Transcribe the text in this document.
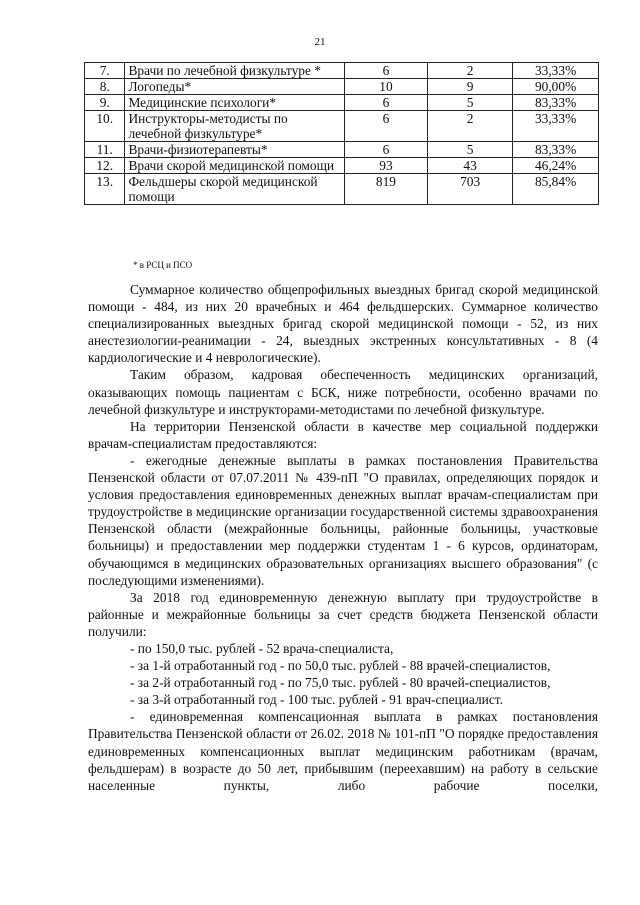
21
7.	Врачи по лечебной физкультуре *	6	2	33,33%
8.	Логопеды*	10	9	90,00%
9.	Медицинские психологи*	6	5	83,33%
10.	Инструкторы-методисты по лечебной физкультуре*	6	2	33,33%
11.	Врачи-физиотерапевты*	6	5	83,33%
12.	Врачи скорой медицинской помощи	93	43	46,24%
13.	Фельдшеры скорой медицинской помощи	819	703	85,84%
* в РСЦ и ПСО

Суммарное количество общепрофильных выездных бригад скорой медицинской помощи - 484, из них 20 врачебных и 464 фельдшерских. Суммарное количество специализированных выездных бригад скорой медицинской помощи - 52, из них анестезиологии-реанимации - 24, выездных экстренных консультативных - 8 (4 кардиологические и 4 неврологические).

Таким образом, кадровая обеспеченность медицинских организаций, оказывающих помощь пациентам с БСК, ниже потребности, особенно врачами по лечебной физкультуре и инструкторами-методистами по лечебной физкультуре.

На территории Пензенской области в качестве мер социальной поддержки врачам-специалистам предоставляются:

- ежегодные денежные выплаты в рамках постановления Правительства Пензенской области от 07.07.2011 № 439-пП "О правилах, определяющих порядок и условия предоставления единовременных денежных выплат врачам-специалистам при трудоустройстве в медицинские организации государственной системы здравоохранения Пензенской области (межрайонные больницы, районные больницы, участковые больницы) и предоставлении мер поддержки студентам 1 - 6 курсов, ординаторам, обучающимся в медицинских образовательных организациях высшего образования" (с последующими изменениями).

За 2018 год единовременную денежную выплату при трудоустройстве в районные и межрайонные больницы за счет средств бюджета Пензенской области получили:

- по 150,0 тыс. рублей - 52 врача-специалиста,

- за 1-й отработанный год - по 50,0 тыс. рублей - 88 врачей-специалистов,

- за 2-й отработанный год - по 75,0 тыс. рублей - 80 врачей-специалистов,

- за 3-й отработанный год - 100 тыс. рублей - 91 врач-специалист.

- единовременная компенсационная выплата в рамках постановления Правительства Пензенской области от 26.02. 2018 № 101-пП "О порядке предоставления единовременных компенсационных выплат медицинским работникам (врачам, фельдшерам) в возрасте до 50 лет, прибывшим (переехавшим) на работу в сельские населенные пункты, либо рабочие поселки,
